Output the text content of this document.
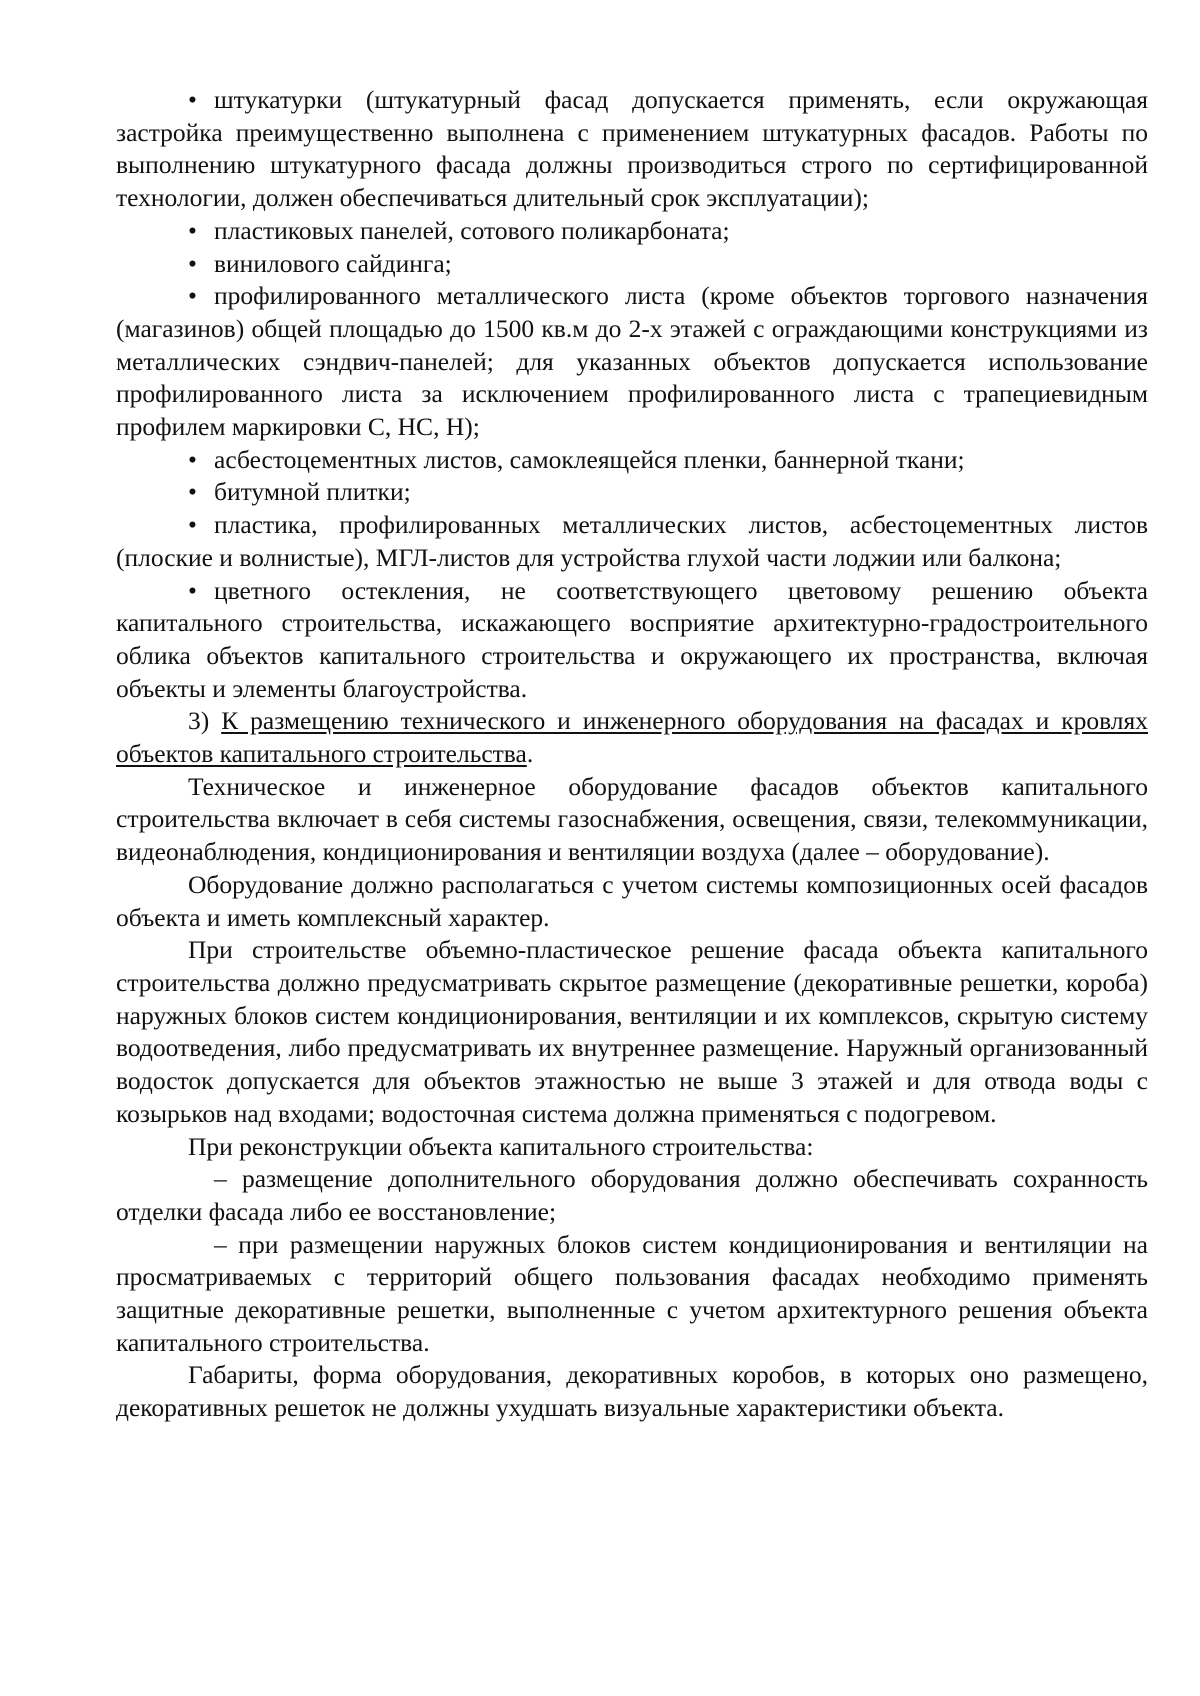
• штукатурки (штукатурный фасад допускается применять, если окружающая застройка преимущественно выполнена с применением штукатурных фасадов. Работы по выполнению штукатурного фасада должны производиться строго по сертифицированной технологии, должен обеспечиваться длительный срок эксплуатации);

• пластиковых панелей, сотового поликарбоната;

• винилового сайдинга;

• профилированного металлического листа (кроме объектов торгового назначения (магазинов) общей площадью до 1500 кв.м до 2-х этажей с ограждающими конструкциями из металлических сэндвич-панелей; для указанных объектов допускается использование профилированного листа за исключением профилированного листа с трапециевидным профилем маркировки С, НС, Н);

• асбестоцементных листов, самоклеящейся пленки, баннерной ткани;

• битумной плитки;

• пластика, профилированных металлических листов, асбестоцементных листов (плоские и волнистые), МГЛ-листов для устройства глухой части лоджии или балкона;

• цветного остекления, не соответствующего цветовому решению объекта капитального строительства, искажающего восприятие архитектурно-градостроительного облика объектов капитального строительства и окружающего их пространства, включая объекты и элементы благоустройства.

3) К размещению технического и инженерного оборудования на фасадах и кровлях объектов капитального строительства.

Техническое и инженерное оборудование фасадов объектов капитального строительства включает в себя системы газоснабжения, освещения, связи, телекоммуникации, видеонаблюдения, кондиционирования и вентиляции воздуха (далее – оборудование).

Оборудование должно располагаться с учетом системы композиционных осей фасадов объекта и иметь комплексный характер.

При строительстве объемно-пластическое решение фасада объекта капитального строительства должно предусматривать скрытое размещение (декоративные решетки, короба) наружных блоков систем кондиционирования, вентиляции и их комплексов, скрытую систему водоотведения, либо предусматривать их внутреннее размещение. Наружный организованный водосток допускается для объектов этажностью не выше 3 этажей и для отвода воды с козырьков над входами; водосточная система должна применяться с подогревом.

При реконструкции объекта капитального строительства:

– размещение дополнительного оборудования должно обеспечивать сохранность отделки фасада либо ее восстановление;

– при размещении наружных блоков систем кондиционирования и вентиляции на просматриваемых с территорий общего пользования фасадах необходимо применять защитные декоративные решетки, выполненные с учетом архитектурного решения объекта капитального строительства.

Габариты, форма оборудования, декоративных коробов, в которых оно размещено, декоративных решеток не должны ухудшать визуальные характеристики объекта.
